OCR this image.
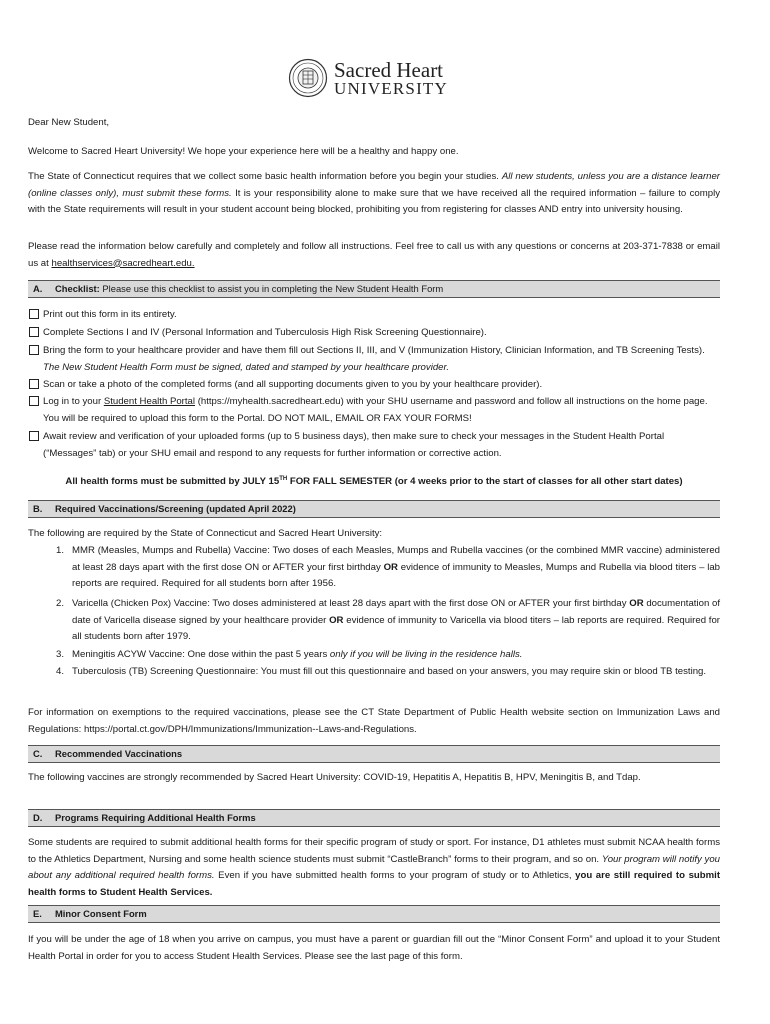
Sacred Heart
UNIVERSITY
Dear New Student,
Welcome to Sacred Heart University! We hope your experience here will be a healthy and happy one.
The State of Connecticut requires that we collect some basic health information before you begin your studies. All new students, unless you are a distance learner (online classes only), must submit these forms. It is your responsibility alone to make sure that we have received all the required information – failure to comply with the State requirements will result in your student account being blocked, prohibiting you from registering for classes AND entry into university housing.
Please read the information below carefully and completely and follow all instructions. Feel free to call us with any questions or concerns at 203-371-7838 or email us at healthservices@sacredheart.edu.
A. Checklist: Please use this checklist to assist you in completing the New Student Health Form
Print out this form in its entirety.
Complete Sections I and IV (Personal Information and Tuberculosis High Risk Screening Questionnaire).
Bring the form to your healthcare provider and have them fill out Sections II, III, and V (Immunization History, Clinician Information, and TB Screening Tests). The New Student Health Form must be signed, dated and stamped by your healthcare provider.
Scan or take a photo of the completed forms (and all supporting documents given to you by your healthcare provider).
Log in to your Student Health Portal (https://myhealth.sacredheart.edu) with your SHU username and password and follow all instructions on the home page. You will be required to upload this form to the Portal. DO NOT MAIL, EMAIL OR FAX YOUR FORMS!
Await review and verification of your uploaded forms (up to 5 business days), then make sure to check your messages in the Student Health Portal (“Messages” tab) or your SHU email and respond to any requests for further information or corrective action.
All health forms must be submitted by JULY 15TH FOR FALL SEMESTER (or 4 weeks prior to the start of classes for all other start dates)
B. Required Vaccinations/Screening (updated April 2022)
The following are required by the State of Connecticut and Sacred Heart University:
1. MMR (Measles, Mumps and Rubella) Vaccine: Two doses of each Measles, Mumps and Rubella vaccines (or the combined MMR vaccine) administered at least 28 days apart with the first dose ON or AFTER your first birthday OR evidence of immunity to Measles, Mumps and Rubella via blood titers – lab reports are required. Required for all students born after 1956.
2. Varicella (Chicken Pox) Vaccine: Two doses administered at least 28 days apart with the first dose ON or AFTER your first birthday OR documentation of date of Varicella disease signed by your healthcare provider OR evidence of immunity to Varicella via blood titers – lab reports are required. Required for all students born after 1979.
3. Meningitis ACYW Vaccine: One dose within the past 5 years only if you will be living in the residence halls.
4. Tuberculosis (TB) Screening Questionnaire: You must fill out this questionnaire and based on your answers, you may require skin or blood TB testing.
For information on exemptions to the required vaccinations, please see the CT State Department of Public Health website section on Immunization Laws and Regulations: https://portal.ct.gov/DPH/Immunizations/Immunization--Laws-and-Regulations.
C. Recommended Vaccinations
The following vaccines are strongly recommended by Sacred Heart University: COVID-19, Hepatitis A, Hepatitis B, HPV, Meningitis B, and Tdap.
D. Programs Requiring Additional Health Forms
Some students are required to submit additional health forms for their specific program of study or sport. For instance, D1 athletes must submit NCAA health forms to the Athletics Department, Nursing and some health science students must submit “CastleBranch” forms to their program, and so on. Your program will notify you about any additional required health forms. Even if you have submitted health forms to your program of study or to Athletics, you are still required to submit health forms to Student Health Services.
E. Minor Consent Form
If you will be under the age of 18 when you arrive on campus, you must have a parent or guardian fill out the “Minor Consent Form” and upload it to your Student Health Portal in order for you to access Student Health Services. Please see the last page of this form.
